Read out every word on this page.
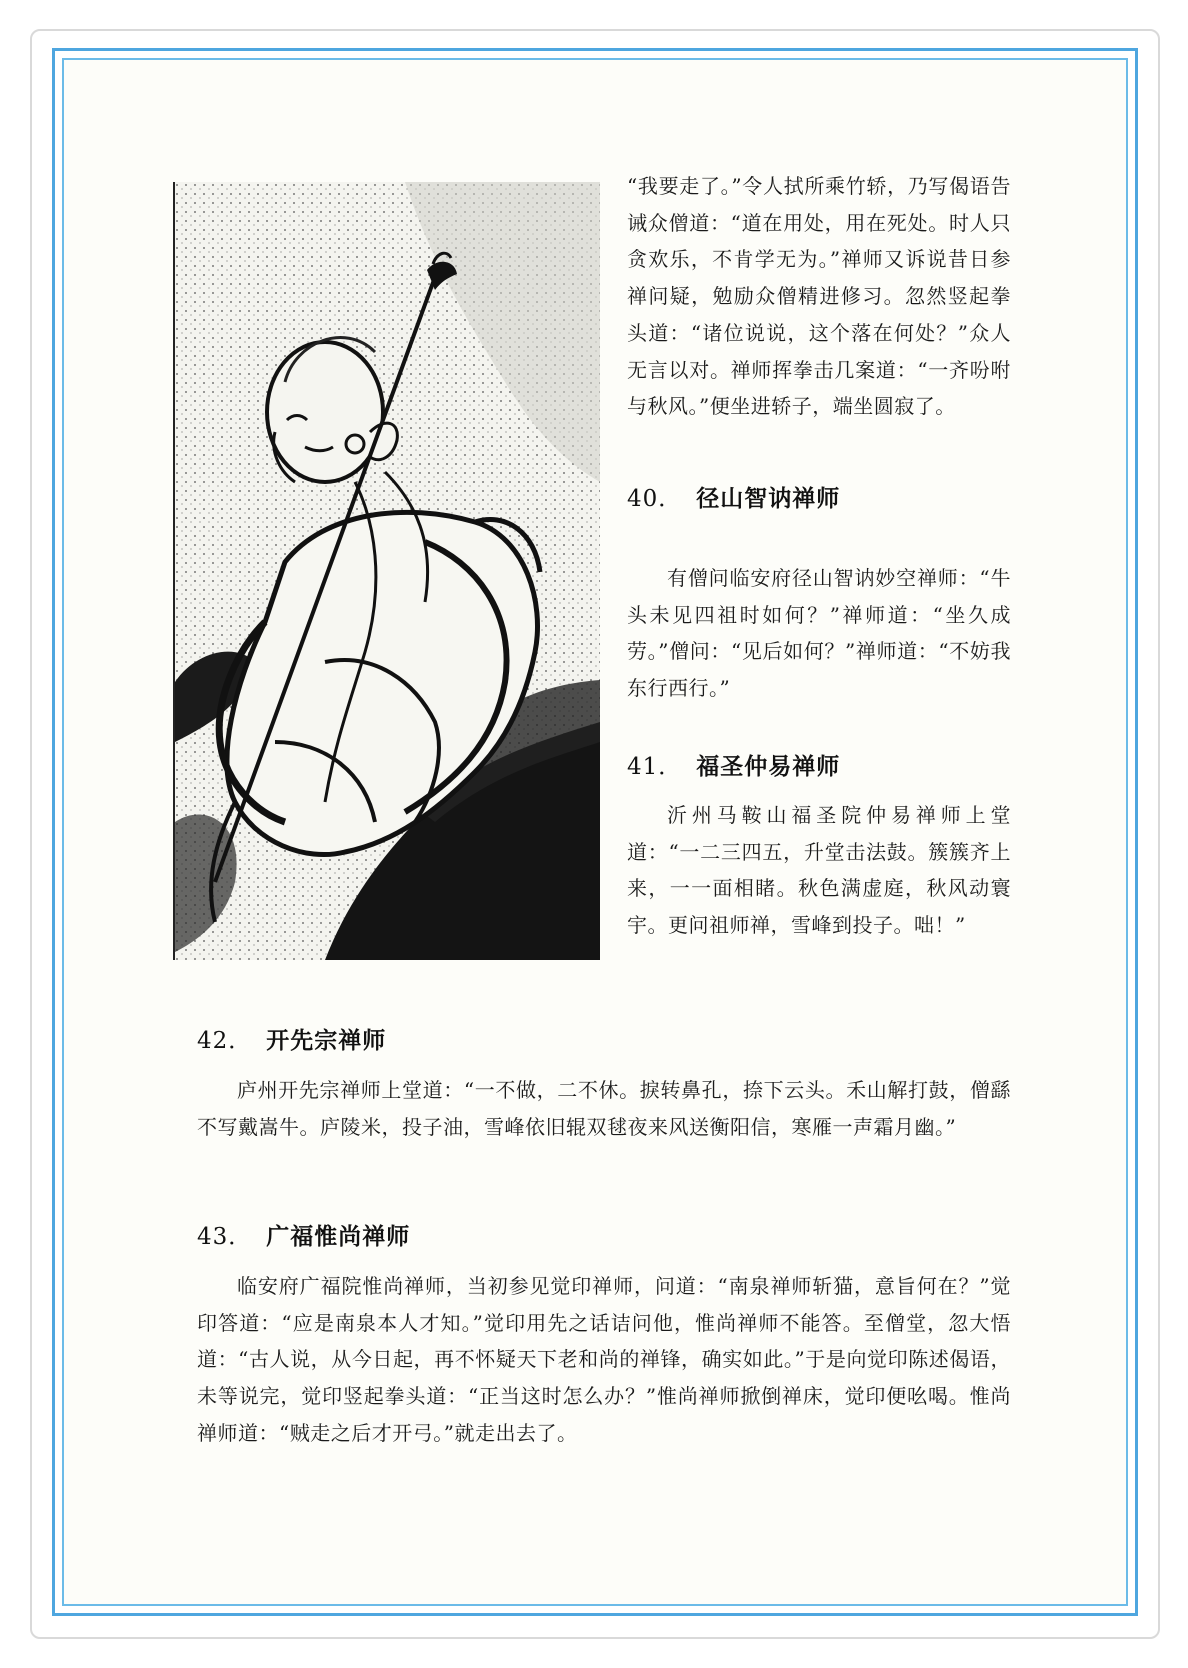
“我要走了。”令人拭所乘竹轿，乃写偈语告诫众僧道：“道在用处，用在死处。时人只贪欢乐，不肯学无为。”禅师又诉说昔日参禅问疑，勉励众僧精进修习。忽然竖起拳头道：“诸位说说，这个落在何处？”众人无言以对。禅师挥拳击几案道：“一齐吩咐与秋风。”便坐进轿子，端坐圆寂了。

40． 径山智讷禅师

有僧问临安府径山智讷妙空禅师：“牛头未见四祖时如何？”禅师道：“坐久成劳。”僧问：“见后如何？”禅师道：“不妨我东行西行。”

41． 福圣仲易禅师

沂州马鞍山福圣院仲易禅师上堂道：“一二三四五，升堂击法鼓。簇簇齐上来，一一面相睹。秋色满虚庭，秋风动寰宇。更问祖师禅，雪峰到投子。咄！”

42． 开先宗禅师

庐州开先宗禅师上堂道：“一不做，二不休。捩转鼻孔，捺下云头。禾山解打鼓，僧繇不写戴嵩牛。庐陵米，投子油，雪峰依旧辊双毬夜来风送衡阳信，寒雁一声霜月幽。”

43． 广福惟尚禅师

临安府广福院惟尚禅师，当初参见觉印禅师，问道：“南泉禅师斩猫，意旨何在？”觉印答道：“应是南泉本人才知。”觉印用先之话诘问他，惟尚禅师不能答。至僧堂，忽大悟道：“古人说，从今日起，再不怀疑天下老和尚的禅锋，确实如此。”于是向觉印陈述偈语，未等说完，觉印竖起拳头道：“正当这时怎么办？”惟尚禅师掀倒禅床，觉印便吆喝。惟尚禅师道：“贼走之后才开弓。”就走出去了。
